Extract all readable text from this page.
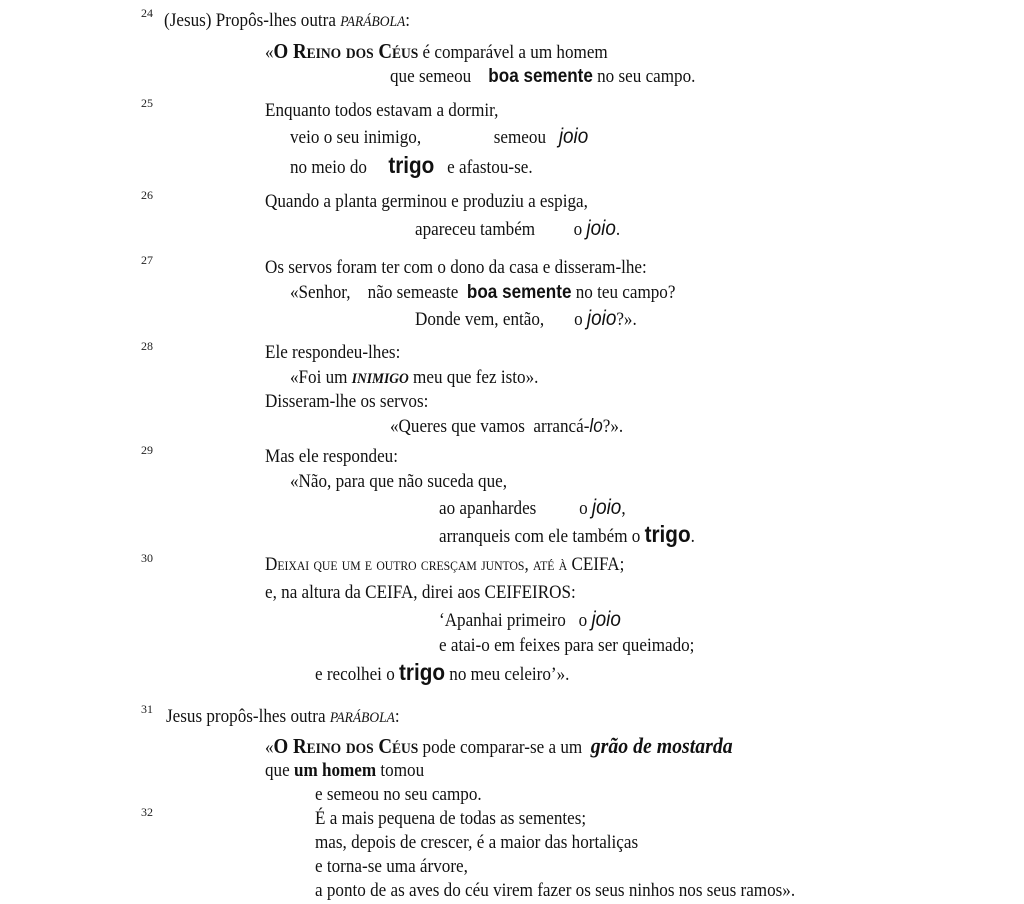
24 (Jesus) Propôs-lhes outra PARÁBOLA:
«O Reino dos Céus é comparável a um homem
que semeou    boa semente no seu campo.
25	Enquanto todos estavam a dormir,
veio o seu inimigo,                 semeou   joio
no meio do     trigo   e afastou-se.
26	Quando a planta germinou e produziu a espiga,
apareceu também         o joio.
27	Os servos foram ter com o dono da casa e disseram-lhe:
«Senhor,    não semeaste  boa semente no teu campo?
Donde vem, então,       o joio?».
28	Ele respondeu-lhes:
«Foi um INIMIGO meu que fez isto».
Disseram-lhe os servos:
«Queres que vamos  arrancá-lo?».
29	Mas ele respondeu:
«Não, para que não suceda que,
ao apanhardes          o joio,
arranqueis com ele também o trigo.
30	Deixai que um e outro cresçam juntos, até à CEIFA;
e, na altura da CEIFA, direi aos CEIFEIROS:
‘Apanhai primeiro   o joio
e atai-o em feixes para ser queimado;
e recolhei o trigo no meu celeiro’».
31 Jesus propôs-lhes outra PARÁBOLA:
«O Reino dos Céus pode comparar-se a um  grão de mostarda
que um homem tomou
e semeou no seu campo.
32	É a mais pequena de todas as sementes;
mas, depois de crescer, é a maior das hortaliças
e torna-se uma árvore,
a ponto de as aves do céu virem fazer os seus ninhos nos seus ramos».
